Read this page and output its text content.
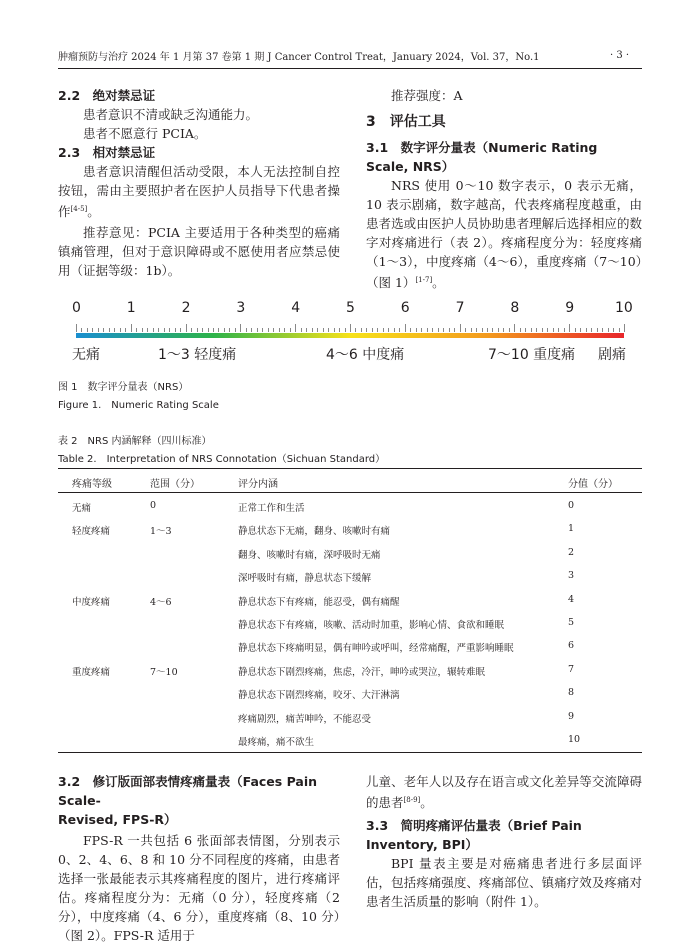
肿瘤预防与治疗 2024 年 1 月第 37 卷第 1 期 J Cancer Control Treat，January 2024，Vol. 37，No.1	· 3 ·
2.2　绝对禁忌证

患者意识不清或缺乏沟通能力。

患者不愿意行 PCIA。

2.3　相对禁忌证

患者意识清醒但活动受限，本人无法控制自控按钮，需由主要照护者在医护人员指导下代患者操作[4-5]。

推荐意见：PCIA 主要适用于各种类型的癌痛镇痛管理，但对于意识障碍或不愿使用者应禁忌使用（证据等级：1b）。

推荐强度：A

3　评估工具
3.1　数字评分量表（Numeric Rating Scale, NRS）

NRS 使用 0～10 数字表示，0 表示无痛，10 表示剧痛，数字越高，代表疼痛程度越重，由患者选或由医护人员协助患者理解后选择相应的数字对疼痛进行（表 2）。疼痛程度分为：轻度疼痛（1～3），中度疼痛（4～6），重度疼痛（7～10）（图 1）[1-7]。

0	1	2	3	4	5	6	7	8	9	10
无痛	1～3 轻度痛	4～6 中度痛	7～10 重度痛 剧痛
图 1　数字评分量表（NRS）
Figure 1.　Numeric Rating Scale
表 2　NRS 内涵解释（四川标准）
Table 2.　Interpretation of NRS Connotation（Sichuan Standard）
疼痛等级	范围（分）	评分内涵	分值（分）
无痛	0	正常工作和生活	0
轻度疼痛	1～3	静息状态下无痛，翻身、咳嗽时有痛	1
翻身、咳嗽时有痛，深呼吸时无痛	2
深呼吸时有痛，静息状态下缓解	3
中度疼痛	4～6	静息状态下有疼痛，能忍受，偶有痛醒	4
静息状态下有疼痛，咳嗽、活动时加重，影响心情、食欲和睡眠	5
静息状态下疼痛明显，偶有呻吟或呼叫，经常痛醒，严重影响睡眠	6
重度疼痛	7～10	静息状态下剧烈疼痛，焦虑，冷汗，呻吟或哭泣，辗转难眠	7
静息状态下剧烈疼痛，咬牙、大汗淋漓	8
疼痛剧烈，痛苦呻吟，不能忍受	9
最疼痛，痛不欲生	10
3.2　修订版面部表情疼痛量表（Faces Pain Scale-
Revised, FPS-R）

FPS-R 一共包括 6 张面部表情图，分别表示 0、2、4、6、8 和 10 分不同程度的疼痛，由患者选择一张最能表示其疼痛程度的图片，进行疼痛评估。疼痛程度分为：无痛（0 分），轻度疼痛（2 分），中度疼痛（4、6 分），重度疼痛（8、10 分）（图 2）。FPS-R 适用于

儿童、老年人以及存在语言或文化差异等交流障碍的患者[8-9]。

3.3　简明疼痛评估量表（Brief Pain Inventory, BPI）

BPI 量表主要是对癌痛患者进行多层面评估，包括疼痛强度、疼痛部位、镇痛疗效及疼痛对患者生活质量的影响（附件 1）。
